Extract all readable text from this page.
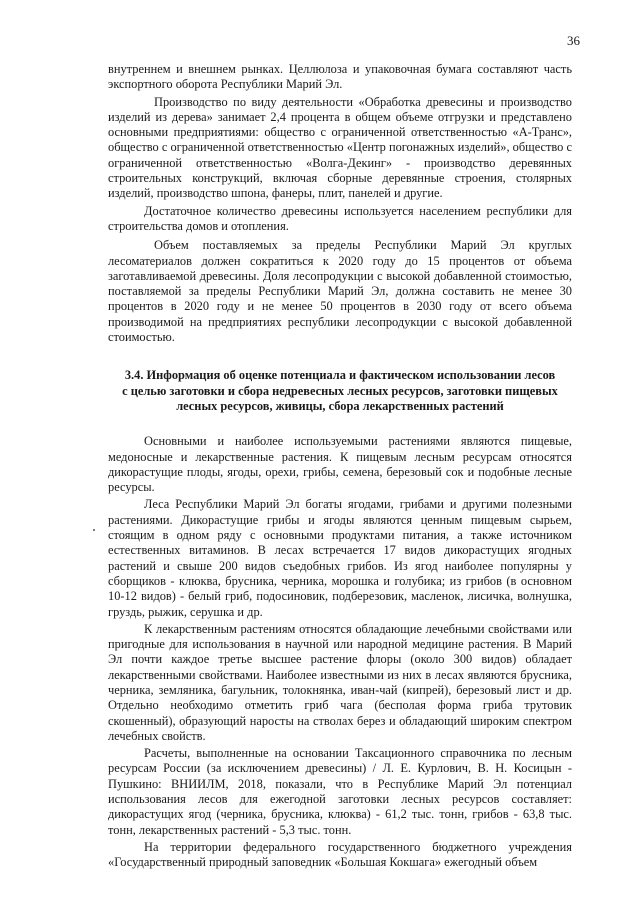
36

внутреннем и внешнем рынках. Целлюлоза и упаковочная бумага составляют часть экспортного оборота Республики Марий Эл.

Производство по виду деятельности «Обработка древесины и производство изделий из дерева» занимает 2,4 процента в общем объеме отгрузки и представлено основными предприятиями: общество с ограниченной ответственностью «А-Транс», общество с ограниченной ответственностью «Центр погонажных изделий», общество с ограниченной ответственностью «Волга-Декинг» - производство деревянных строительных конструкций, включая сборные деревянные строения, столярных изделий, производство шпона, фанеры, плит, панелей и другие.

Достаточное количество древесины используется населением республики для строительства домов и отопления.

Объем поставляемых за пределы Республики Марий Эл круглых лесоматериалов должен сократиться к 2020 году до 15 процентов от объема заготавливаемой древесины. Доля лесопродукции с высокой добавленной стоимостью, поставляемой за пределы Республики Марий Эл, должна составить не менее 30 процентов в 2020 году и не менее 50 процентов в 2030 году от всего объема производимой на предприятиях республики лесопродукции с высокой добавленной стоимостью.

3.4. Информация об оценке потенциала и фактическом использовании лесов
с целью заготовки и сбора недревесных лесных ресурсов, заготовки пищевых
лесных ресурсов, живицы, сбора лекарственных растений

Основными и наиболее используемыми растениями являются пищевые, медоносные и лекарственные растения. К пищевым лесным ресурсам относятся дикорастущие плоды, ягоды, орехи, грибы, семена, березовый сок и подобные лесные ресурсы.

Леса Республики Марий Эл богаты ягодами, грибами и другими полезными растениями. Дикорастущие грибы и ягоды являются ценным пищевым сырьем, стоящим в одном ряду с основными продуктами питания, а также источником естественных витаминов. В лесах встречается 17 видов дикорастущих ягодных растений и свыше 200 видов съедобных грибов. Из ягод наиболее популярны у сборщиков - клюква, брусника, черника, морошка и голубика; из грибов (в основном 10-12 видов) - белый гриб, подосиновик, подберезовик, масленок, лисичка, волнушка, груздь, рыжик, серушка и др.

К лекарственным растениям относятся обладающие лечебными свойствами или пригодные для использования в научной или народной медицине растения. В Марий Эл почти каждое третье высшее растение флоры (около 300 видов) обладает лекарственными свойствами. Наиболее известными из них в лесах являются брусника, черника, земляника, багульник, толокнянка, иван-чай (кипрей), березовый лист и др. Отдельно необходимо отметить гриб чага (бесполая форма гриба трутовик скошенный), образующий наросты на стволах берез и обладающий широким спектром лечебных свойств.

Расчеты, выполненные на основании Таксационного справочника по лесным ресурсам России (за исключением древесины) / Л. Е. Курлович, В. Н. Косицын - Пушкино: ВНИИЛМ, 2018, показали, что в Республике Марий Эл потенциал использования лесов для ежегодной заготовки лесных ресурсов составляет: дикорастущих ягод (черника, брусника, клюква) - 61,2 тыс. тонн, грибов - 63,8 тыс. тонн, лекарственных растений - 5,3 тыс. тонн.

На территории федерального государственного бюджетного учреждения «Государственный природный заповедник «Большая Кокшага» ежегодный объем
